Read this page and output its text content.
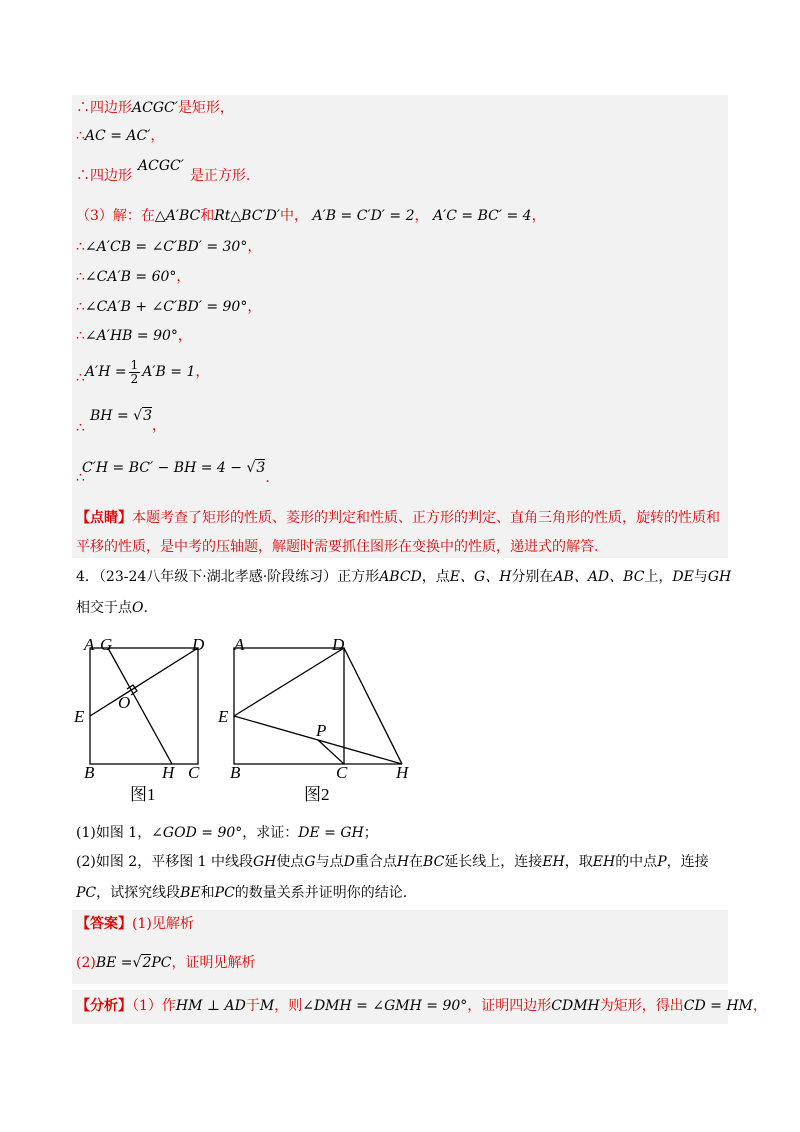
∴四边形ACGC′是矩形，
∴AC = AC′，
∴四边形ACGC′是正方形.
（3）解：在△A′BC和Rt△BC′D′中， A′B = C′D′ = 2， A′C = BC′ = 4，
∴∠A′CB = ∠C′BD′ = 30°，
∴∠CA′B = 60°，
∴∠CA′B + ∠C′BD′ = 90°，
∴∠A′HB = 90°，
∴A′H = $\frac{1}{2} A'B = 1$，
BH = √3，
∴
C′H = BC′ − BH = 4 − √3.
∴
【点睛】本题考查了矩形的性质、菱形的判定和性质、正方形的判定、直角三角形的性质，旋转的性质和
平移的性质，是中考的压轴题，解题时需要抓住图形在变换中的性质，递进式的解答.
4．（23-24八年级下·湖北孝感·阶段练习）正方形ABCD，点E、G、H分别在AB、AD、BC上，DE与GH
相交于点O.
A G	D
O
E
B	H C
图1
A	D
E
P
B	C	H
图2
(1)如图 1，∠GOD = 90°，求证：DE = GH；
(2)如图 2，平移图 1 中线段GH使点G与点D重合点H在BC延长线上，连接EH，取EH的中点P，连接
PC，试探究线段BE和PC的数量关系并证明你的结论.
【答案】(1)见解析
(2)BE =√2PC，证明见解析
【分析】（1）作HM ⊥ AD于M，则∠DMH = ∠GMH = 90°，证明四边形CDMH为矩形，得出CD = HM，
